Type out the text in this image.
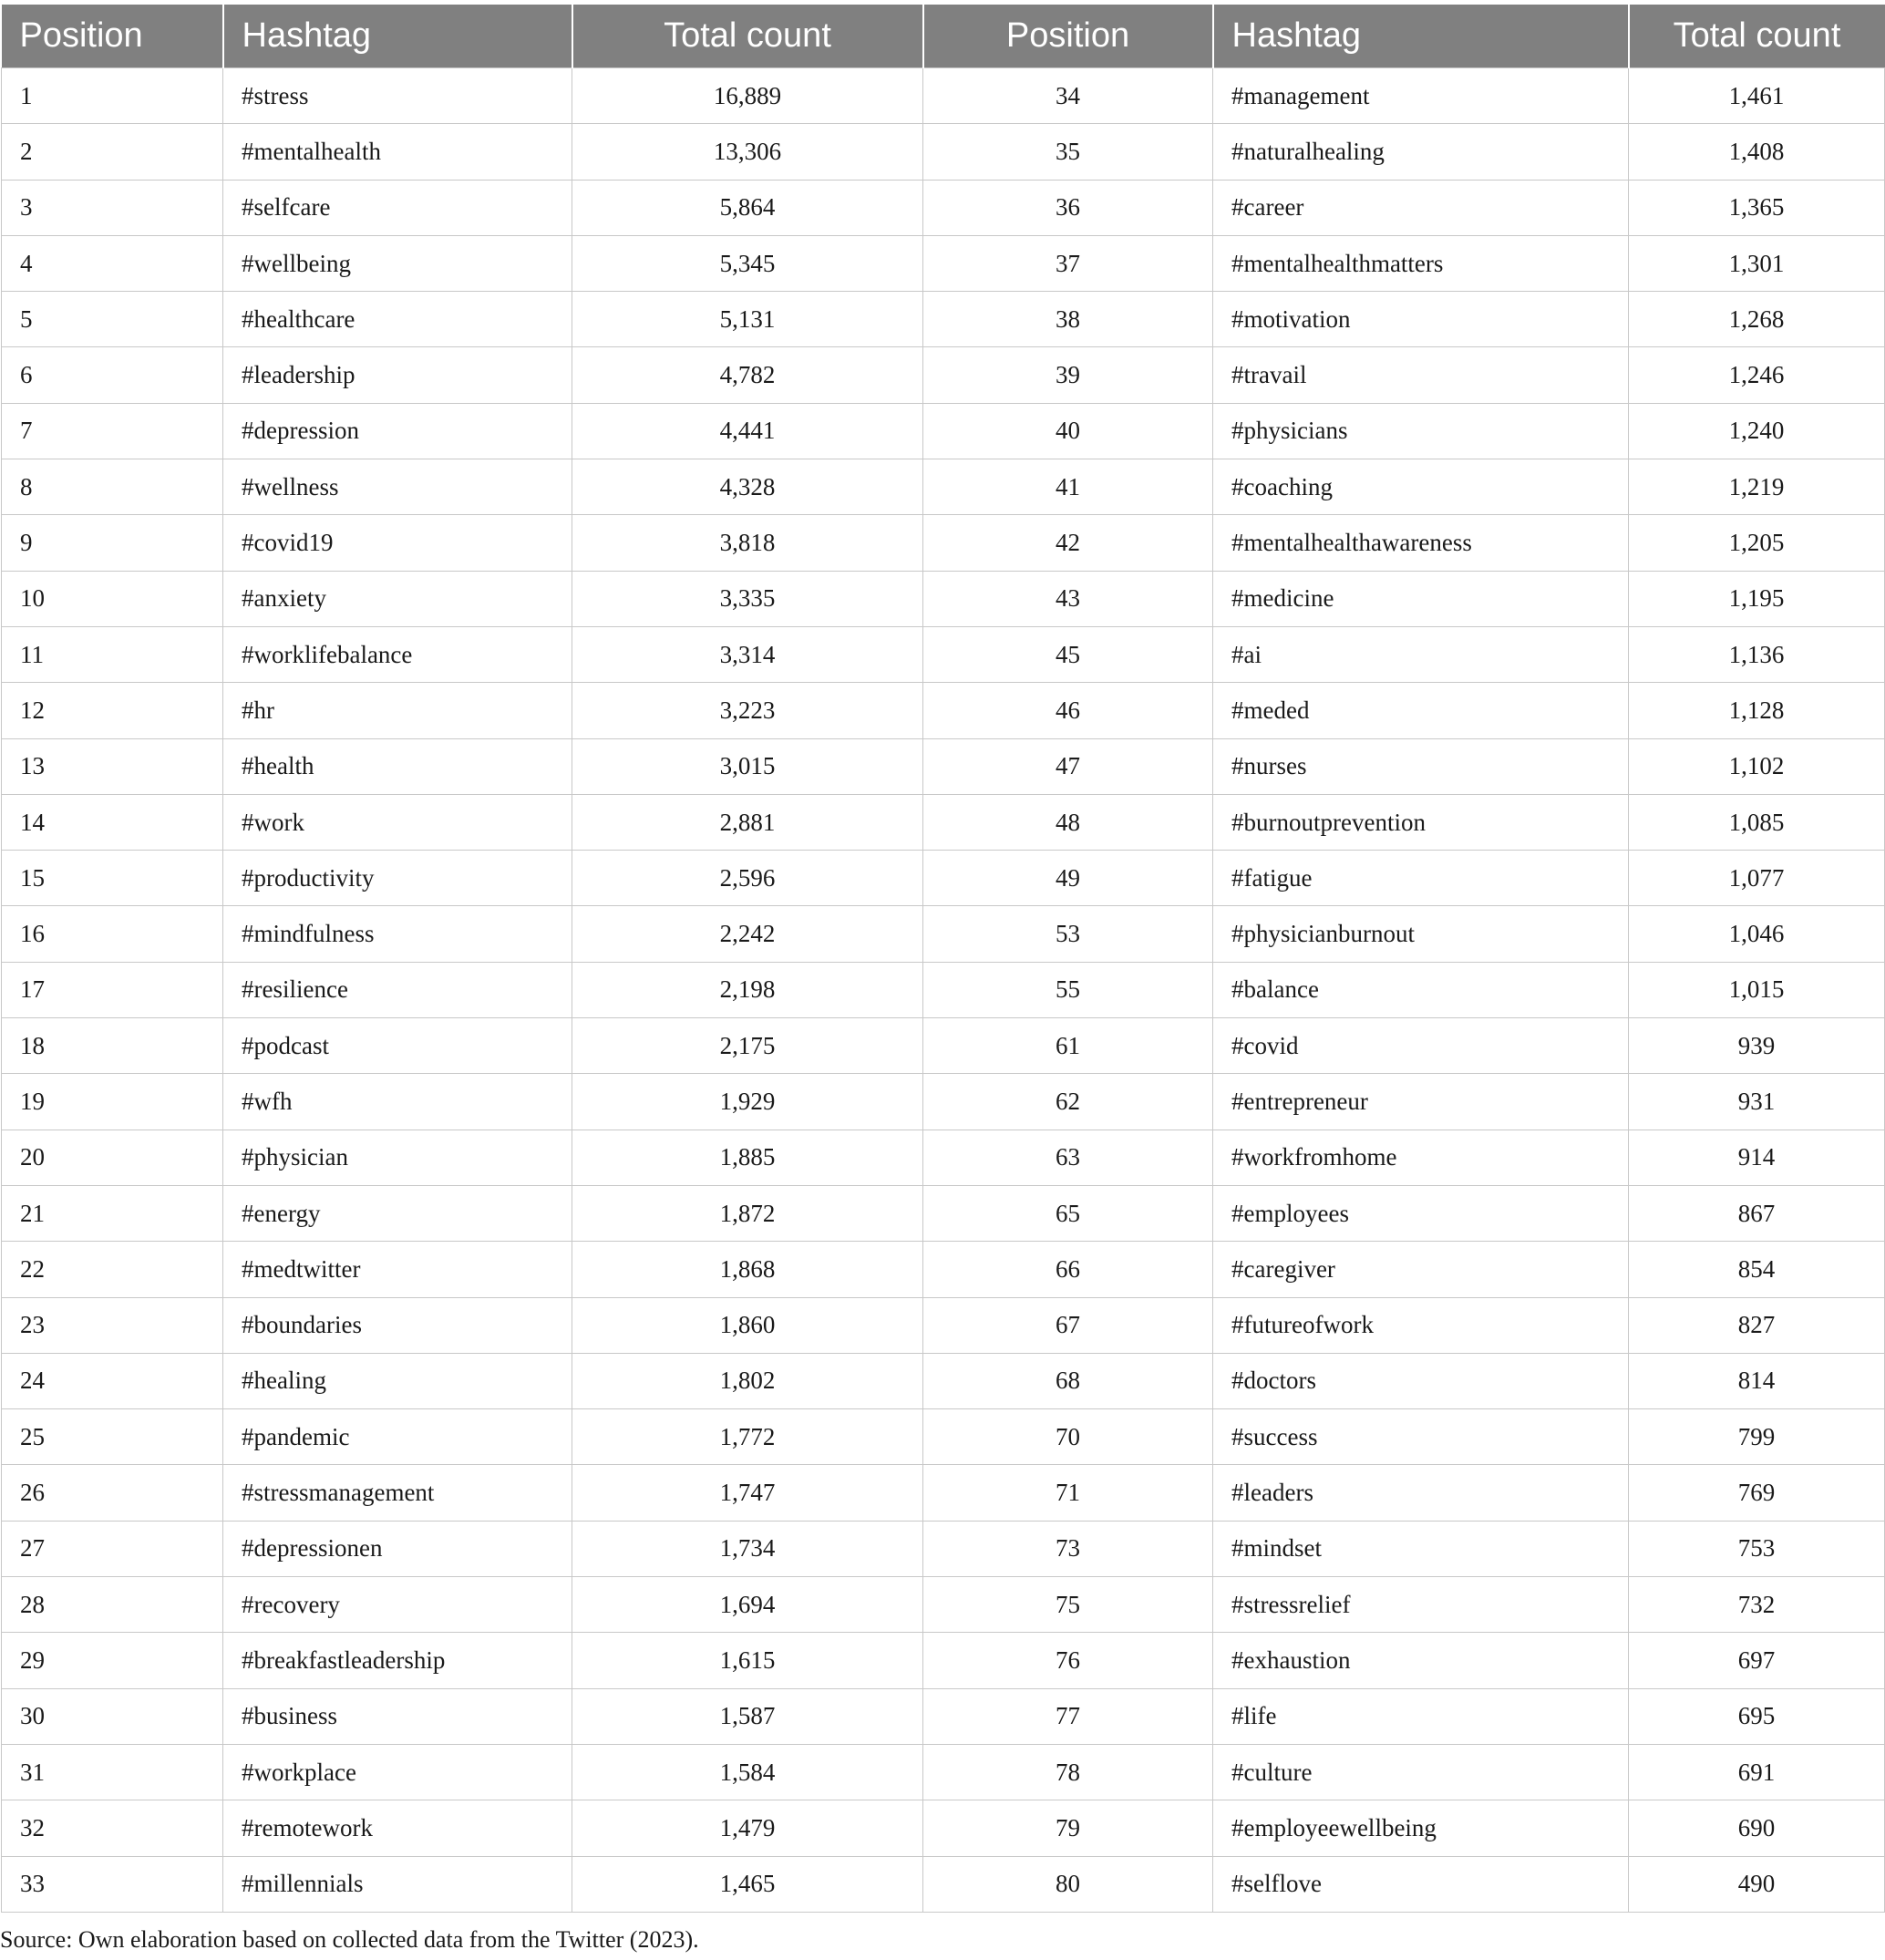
Position	Hashtag	Total count	Position	Hashtag	Total count
1	#stress	16,889	34	#management	1,461
2	#mentalhealth	13,306	35	#naturalhealing	1,408
3	#selfcare	5,864	36	#career	1,365
4	#wellbeing	5,345	37	#mentalhealthmatters	1,301
5	#healthcare	5,131	38	#motivation	1,268
6	#leadership	4,782	39	#travail	1,246
7	#depression	4,441	40	#physicians	1,240
8	#wellness	4,328	41	#coaching	1,219
9	#covid19	3,818	42	#mentalhealthawareness	1,205
10	#anxiety	3,335	43	#medicine	1,195
11	#worklifebalance	3,314	45	#ai	1,136
12	#hr	3,223	46	#meded	1,128
13	#health	3,015	47	#nurses	1,102
14	#work	2,881	48	#burnoutprevention	1,085
15	#productivity	2,596	49	#fatigue	1,077
16	#mindfulness	2,242	53	#physicianburnout	1,046
17	#resilience	2,198	55	#balance	1,015
18	#podcast	2,175	61	#covid	939
19	#wfh	1,929	62	#entrepreneur	931
20	#physician	1,885	63	#workfromhome	914
21	#energy	1,872	65	#employees	867
22	#medtwitter	1,868	66	#caregiver	854
23	#boundaries	1,860	67	#futureofwork	827
24	#healing	1,802	68	#doctors	814
25	#pandemic	1,772	70	#success	799
26	#stressmanagement	1,747	71	#leaders	769
27	#depressionen	1,734	73	#mindset	753
28	#recovery	1,694	75	#stressrelief	732
29	#breakfastleadership	1,615	76	#exhaustion	697
30	#business	1,587	77	#life	695
31	#workplace	1,584	78	#culture	691
32	#remotework	1,479	79	#employeewellbeing	690
33	#millennials	1,465	80	#selflove	490
Source: Own elaboration based on collected data from the Twitter (2023).
